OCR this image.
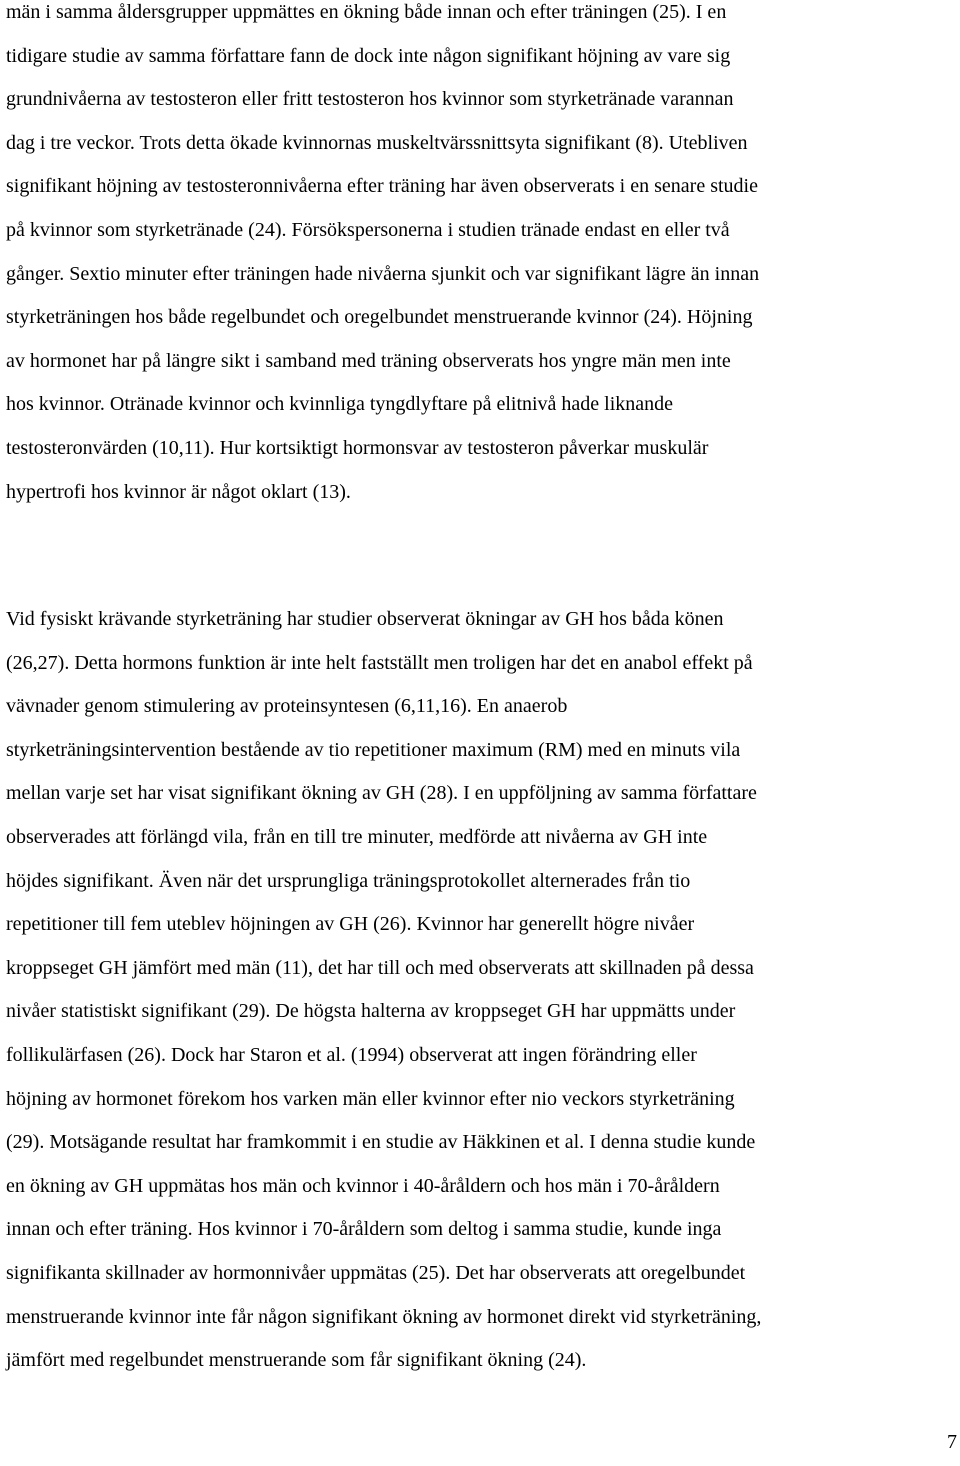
män i samma åldersgrupper uppmättes en ökning både innan och efter träningen (25). I en
tidigare studie av samma författare fann de dock inte någon signifikant höjning av vare sig
grundnivåerna av testosteron eller fritt testosteron hos kvinnor som styrketränade varannan
dag i tre veckor. Trots detta ökade kvinnornas muskeltvärssnittsyta signifikant (8). Utebliven
signifikant höjning av testosteronnivåerna efter träning har även observerats i en senare studie
på kvinnor som styrketränade (24). Försökspersonerna i studien tränade endast en eller två
gånger. Sextio minuter efter träningen hade nivåerna sjunkit och var signifikant lägre än innan
styrketräningen hos både regelbundet och oregelbundet menstruerande kvinnor (24). Höjning
av hormonet har på längre sikt i samband med träning observerats hos yngre män men inte
hos kvinnor. Otränade kvinnor och kvinnliga tyngdlyftare på elitnivå hade liknande
testosteronvärden (10,11). Hur kortsiktigt hormonsvar av testosteron påverkar muskulär
hypertrofi hos kvinnor är något oklart (13).
Vid fysiskt krävande styrketräning har studier observerat ökningar av GH hos båda könen
(26,27). Detta hormons funktion är inte helt fastställt men troligen har det en anabol effekt på
vävnader genom stimulering av proteinsyntesen (6,11,16). En anaerob
styrketräningsintervention bestående av tio repetitioner maximum (RM) med en minuts vila
mellan varje set har visat signifikant ökning av GH (28). I en uppföljning av samma författare
observerades att förlängd vila, från en till tre minuter, medförde att nivåerna av GH inte
höjdes signifikant. Även när det ursprungliga träningsprotokollet alternerades från tio
repetitioner till fem uteblev höjningen av GH (26). Kvinnor har generellt högre nivåer
kroppseget GH jämfört med män (11), det har till och med observerats att skillnaden på dessa
nivåer statistiskt signifikant (29). De högsta halterna av kroppseget GH har uppmätts under
follikulärfasen (26). Dock har Staron et al. (1994) observerat att ingen förändring eller
höjning av hormonet förekom hos varken män eller kvinnor efter nio veckors styrketräning
(29). Motsägande resultat har framkommit i en studie av Häkkinen et al. I denna studie kunde
en ökning av GH uppmätas hos män och kvinnor i 40-åråldern och hos män i 70-åråldern
innan och efter träning. Hos kvinnor i 70-åråldern som deltog i samma studie, kunde inga
signifikanta skillnader av hormonnivåer uppmätas (25). Det har observerats att oregelbundet
menstruerande kvinnor inte får någon signifikant ökning av hormonet direkt vid styrketräning,
jämfört med regelbundet menstruerande som får signifikant ökning (24).
7
